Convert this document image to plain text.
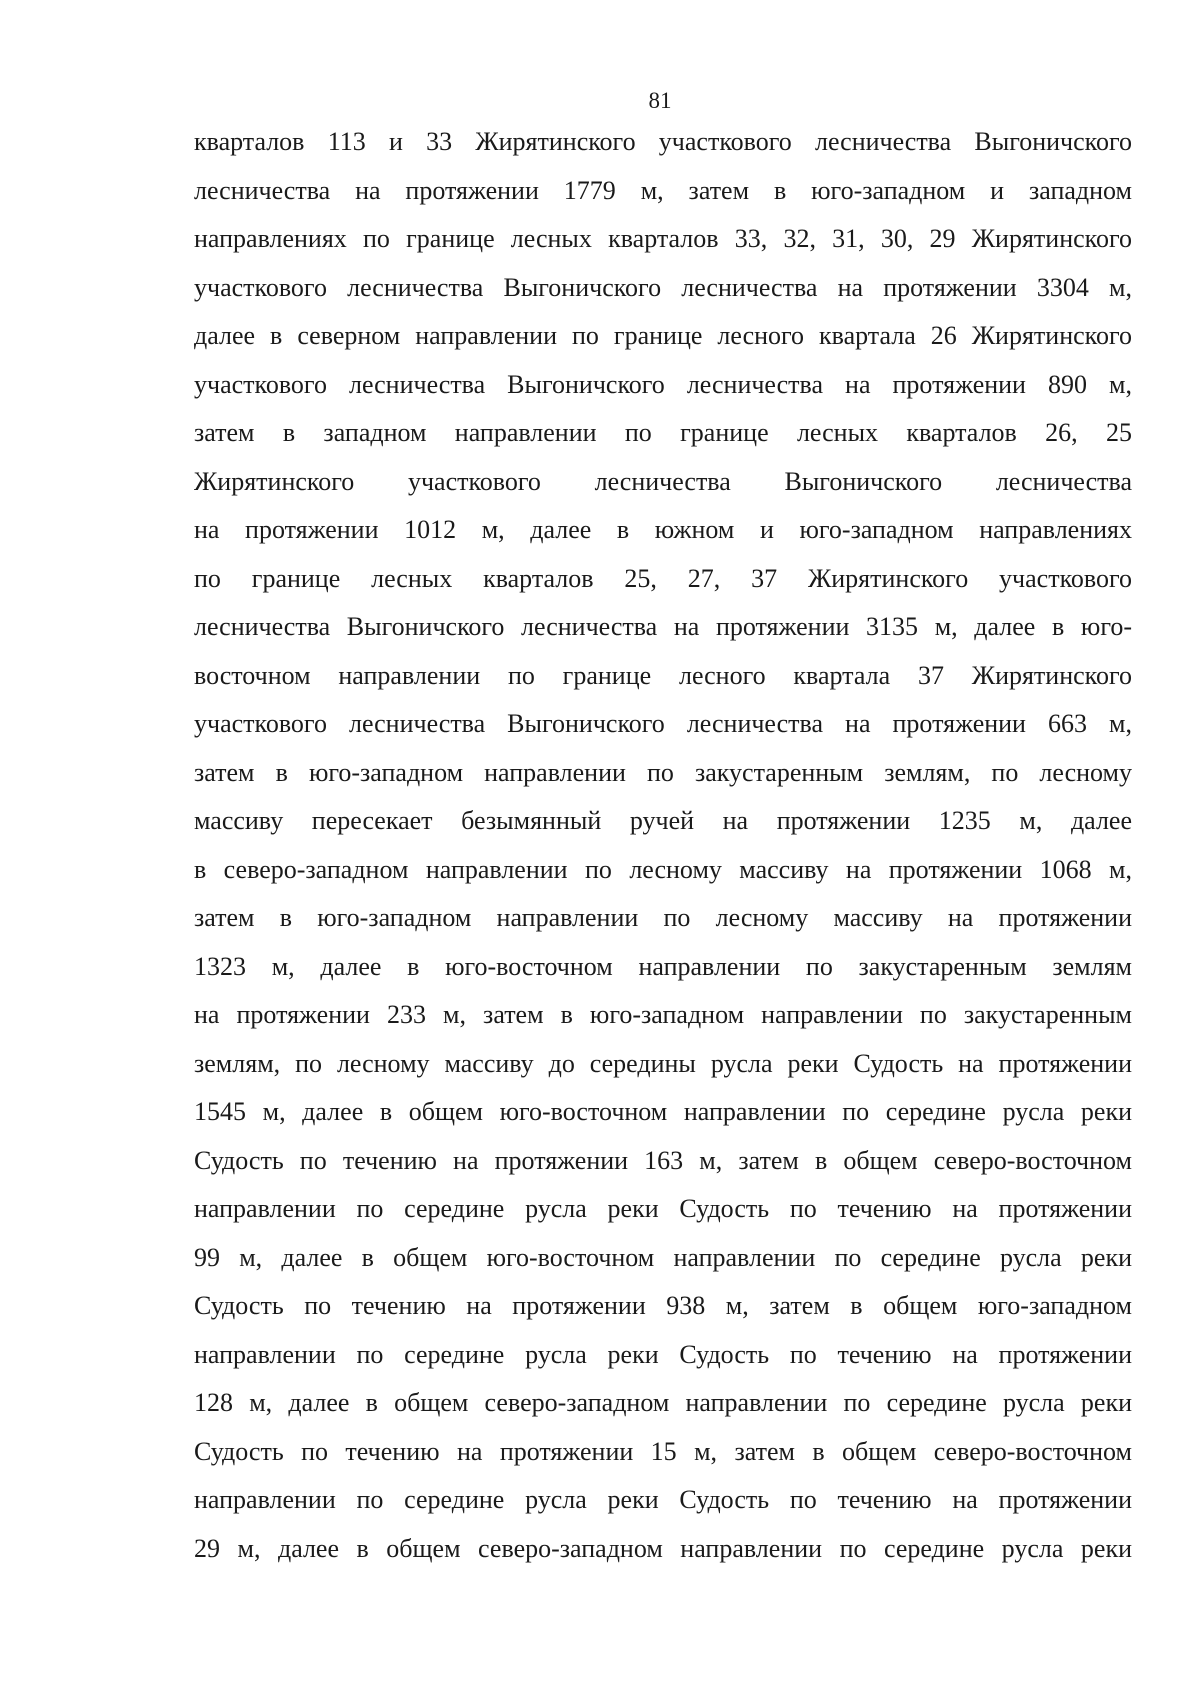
81
кварталов 113 и 33 Жирятинского участкового лесничества Выгоничского
лесничества на протяжении 1779 м, затем в юго-западном и западном
направлениях по границе лесных кварталов 33, 32, 31, 30, 29 Жирятинского
участкового лесничества Выгоничского лесничества на протяжении 3304 м,
далее в северном направлении по границе лесного квартала 26 Жирятинского
участкового лесничества Выгоничского лесничества на протяжении 890 м,
затем в западном направлении по границе лесных кварталов 26, 25
Жирятинского участкового лесничества Выгоничского лесничества
на протяжении 1012 м, далее в южном и юго-западном направлениях
по границе лесных кварталов 25, 27, 37 Жирятинского участкового
лесничества Выгоничского лесничества на протяжении 3135 м, далее в юго-
восточном направлении по границе лесного квартала 37 Жирятинского
участкового лесничества Выгоничского лесничества на протяжении 663 м,
затем в юго-западном направлении по закустаренным землям, по лесному
массиву пересекает безымянный ручей на протяжении 1235 м, далее
в северо-западном направлении по лесному массиву на протяжении 1068 м,
затем в юго-западном направлении по лесному массиву на протяжении
1323 м, далее в юго-восточном направлении по закустаренным землям
на протяжении 233 м, затем в юго-западном направлении по закустаренным
землям, по лесному массиву до середины русла реки Судость на протяжении
1545 м, далее в общем юго-восточном направлении по середине русла реки
Судость по течению на протяжении 163 м, затем в общем северо-восточном
направлении по середине русла реки Судость по течению на протяжении
99 м, далее в общем юго-восточном направлении по середине русла реки
Судость по течению на протяжении 938 м, затем в общем юго-западном
направлении по середине русла реки Судость по течению на протяжении
128 м, далее в общем северо-западном направлении по середине русла реки
Судость по течению на протяжении 15 м, затем в общем северо-восточном
направлении по середине русла реки Судость по течению на протяжении
29 м, далее в общем северо-западном направлении по середине русла реки
